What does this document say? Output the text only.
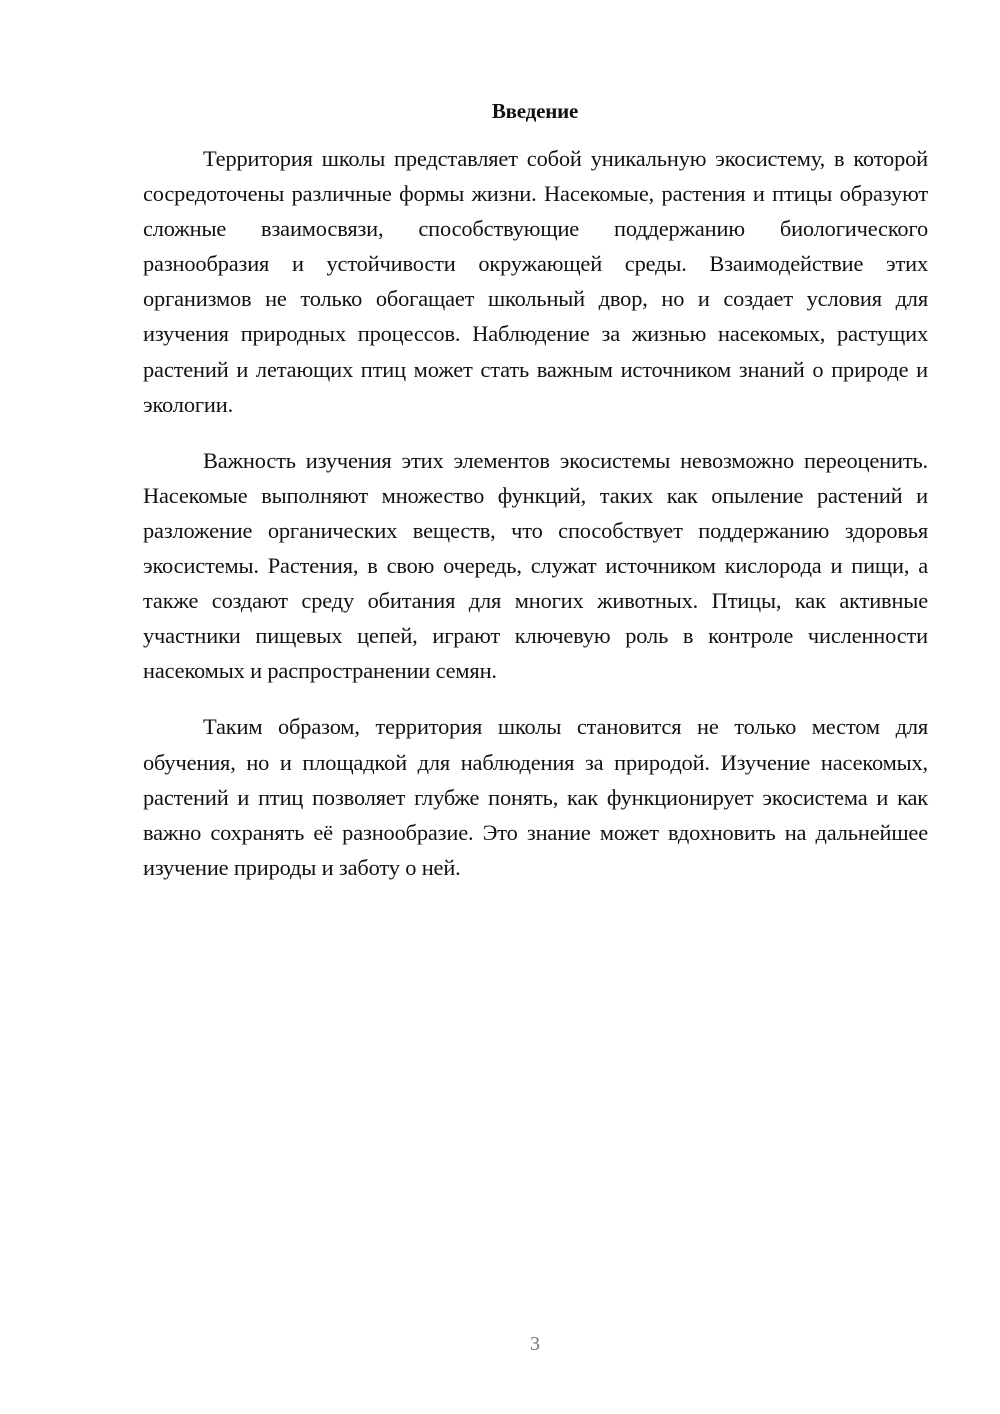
Введение

Территория школы представляет собой уникальную экосистему, в которой сосредоточены различные формы жизни. Насекомые, растения и птицы образуют сложные взаимосвязи, способствующие поддержанию биологического разнообразия и устойчивости окружающей среды. Взаимодействие этих организмов не только обогащает школьный двор, но и создает условия для изучения природных процессов. Наблюдение за жизнью насекомых, растущих растений и летающих птиц может стать важным источником знаний о природе и экологии.

Важность изучения этих элементов экосистемы невозможно переоценить. Насекомые выполняют множество функций, таких как опыление растений и разложение органических веществ, что способствует поддержанию здоровья экосистемы. Растения, в свою очередь, служат источником кислорода и пищи, а также создают среду обитания для многих животных. Птицы, как активные участники пищевых цепей, играют ключевую роль в контроле численности насекомых и распространении семян.

Таким образом, территория школы становится не только местом для обучения, но и площадкой для наблюдения за природой. Изучение насекомых, растений и птиц позволяет глубже понять, как функционирует экосистема и как важно сохранять её разнообразие. Это знание может вдохновить на дальнейшее изучение природы и заботу о ней.

3
